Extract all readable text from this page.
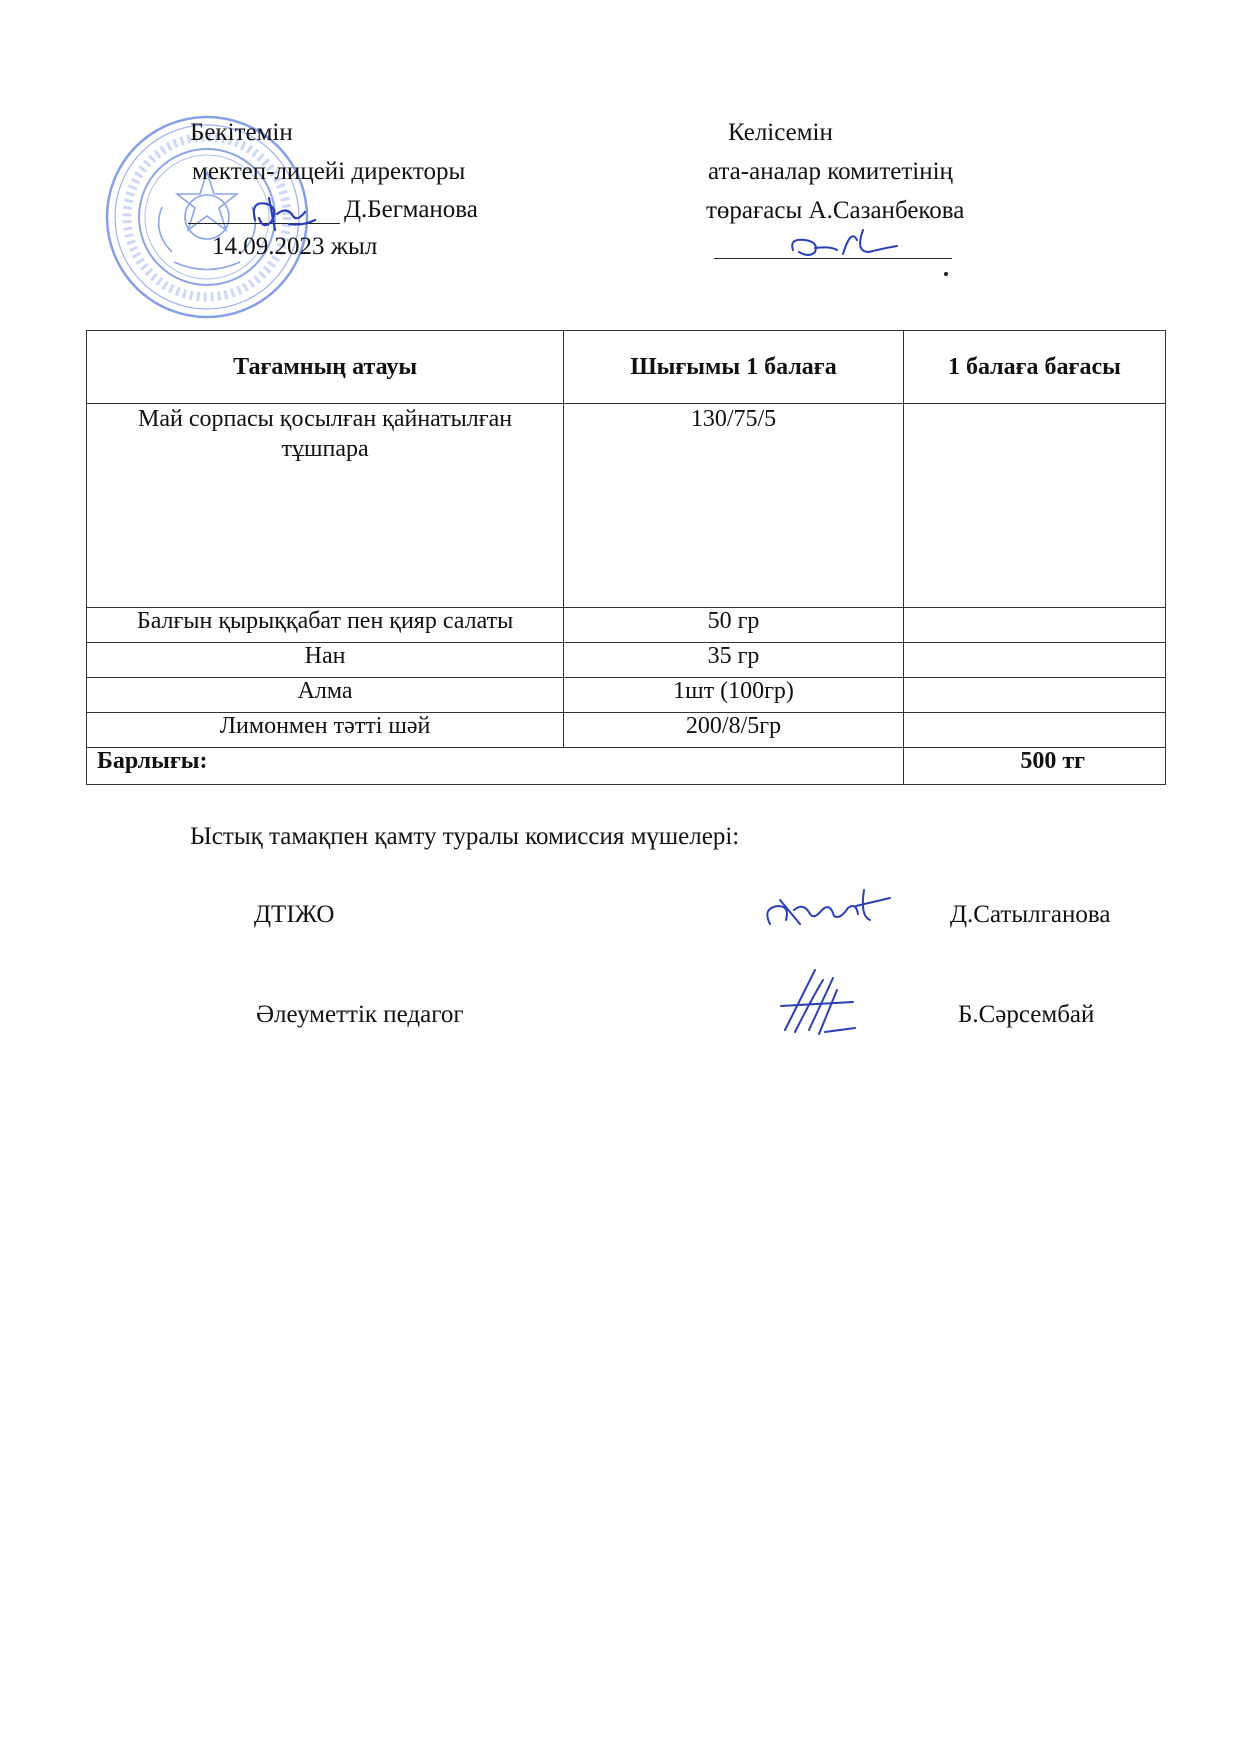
Бекітемін
мектеп-лицейі директоры
Д.Бегманова
14.09.2023 жыл
Келісемін
ата-аналар комитетінің
төрағасы А.Сазанбекова
Тағамның атауы	Шығымы 1 балаға	1 балаға бағасы
Май сорпасы қосылған қайнатылған тұшпара	130/75/5	
Балғын қырыққабат пен қияр салаты	50 гр	
Нан	35 гр	
Алма	1шт (100гр)	
Лимонмен тәтті шәй	200/8/5гр	
Барлығы:		500 тг
Ыстық тамақпен қамту туралы комиссия мүшелері:
ДТІЖО	Д.Сатылганова
Әлеуметтік педагог	Б.Сәрсембай
